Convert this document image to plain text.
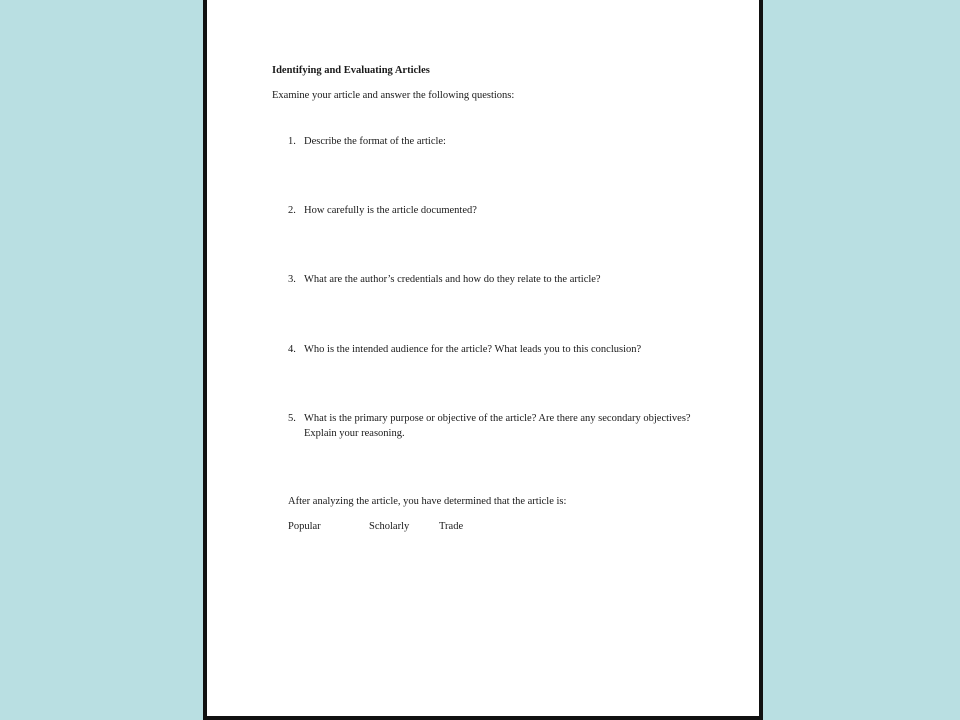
Identifying and Evaluating Articles

Examine your article and answer the following questions:

1. Describe the format of the article:
2. How carefully is the article documented?
3. What are the author’s credentials and how do they relate to the article?
4. Who is the intended audience for the article? What leads you to this conclusion?
5. What is the primary purpose or objective of the article? Are there any secondary objectives? Explain your reasoning.

After analyzing the article, you have determined that the article is:

Popular	Scholarly	Trade
